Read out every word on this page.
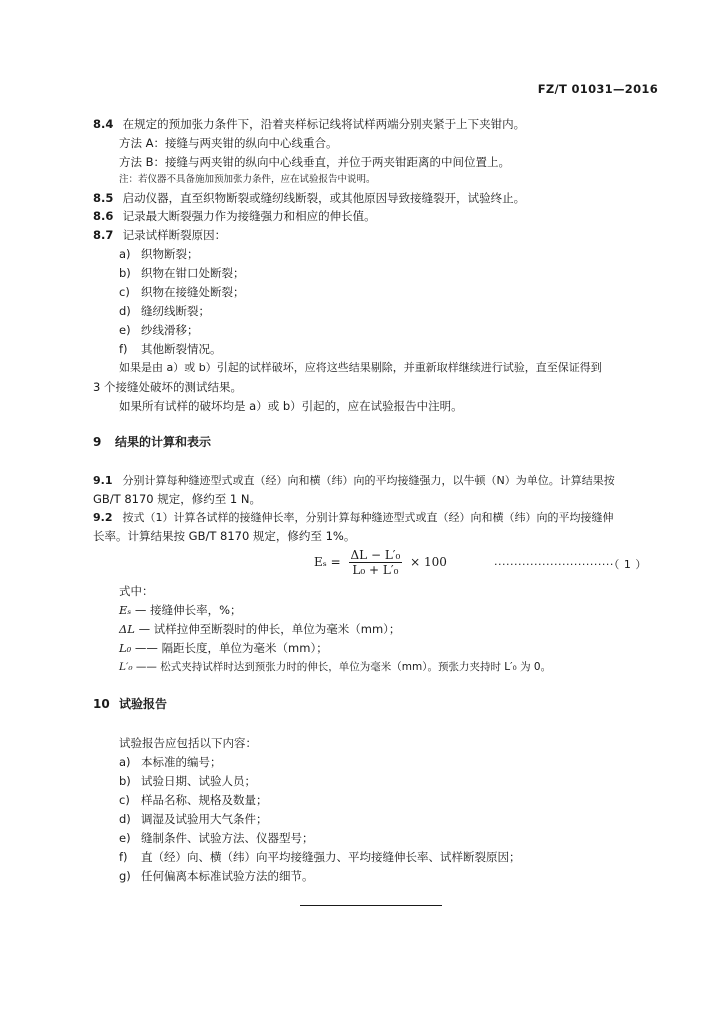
FZ/T 01031—2016
8.4 在规定的预加张力条件下，沿着夹样标记线将试样两端分别夹紧于上下夹钳内。
方法 A：接缝与两夹钳的纵向中心线重合。
方法 B：接缝与两夹钳的纵向中心线垂直，并位于两夹钳距离的中间位置上。
注：若仪器不具备施加预加张力条件，应在试验报告中说明。
8.5 启动仪器，直至织物断裂或缝纫线断裂，或其他原因导致接缝裂开，试验终止。
8.6 记录最大断裂强力作为接缝强力和相应的伸长值。
8.7 记录试样断裂原因：
a) 织物断裂；
b) 织物在钳口处断裂；
c) 织物在接缝处断裂；
d) 缝纫线断裂；
e) 纱线滑移；
f) 其他断裂情况。
如果是由 a）或 b）引起的试样破坏，应将这些结果剔除，并重新取样继续进行试验，直至保证得到
3 个接缝处破坏的测试结果。
如果所有试样的破坏均是 a）或 b）引起的，应在试验报告中注明。
9 结果的计算和表示
9.1 分别计算每种缝迹型式或直（经）向和横（纬）向的平均接缝强力，以牛顿（N）为单位。计算结果按
GB/T 8170 规定，修约至 1 N。
9.2 按式（1）计算各试样的接缝伸长率，分别计算每种缝迹型式或直（经）向和横（纬）向的平均接缝伸
长率。计算结果按 GB/T 8170 规定，修约至 1%。
$E_s = \frac{\text{ΔL − L′₀}}{\text{L₀ + L′₀}} \times 100$	······························（ 1 ）
式中：
Eₛ — 接缝伸长率，%；
ΔL — 试样拉伸至断裂时的伸长，单位为毫米（mm）；
L₀ —— 隔距长度，单位为毫米（mm）；
L′₀ —— 松式夹持试样时达到预张力时的伸长，单位为毫米（mm）。预张力夹持时 L′₀ 为 0。
10 试验报告
试验报告应包括以下内容：
a) 本标准的编号；
b) 试验日期、试验人员；
c) 样品名称、规格及数量；
d) 调湿及试验用大气条件；
e) 缝制条件、试验方法、仪器型号；
f) 直（经）向、横（纬）向平均接缝强力、平均接缝伸长率、试样断裂原因；
g) 任何偏离本标准试验方法的细节。
